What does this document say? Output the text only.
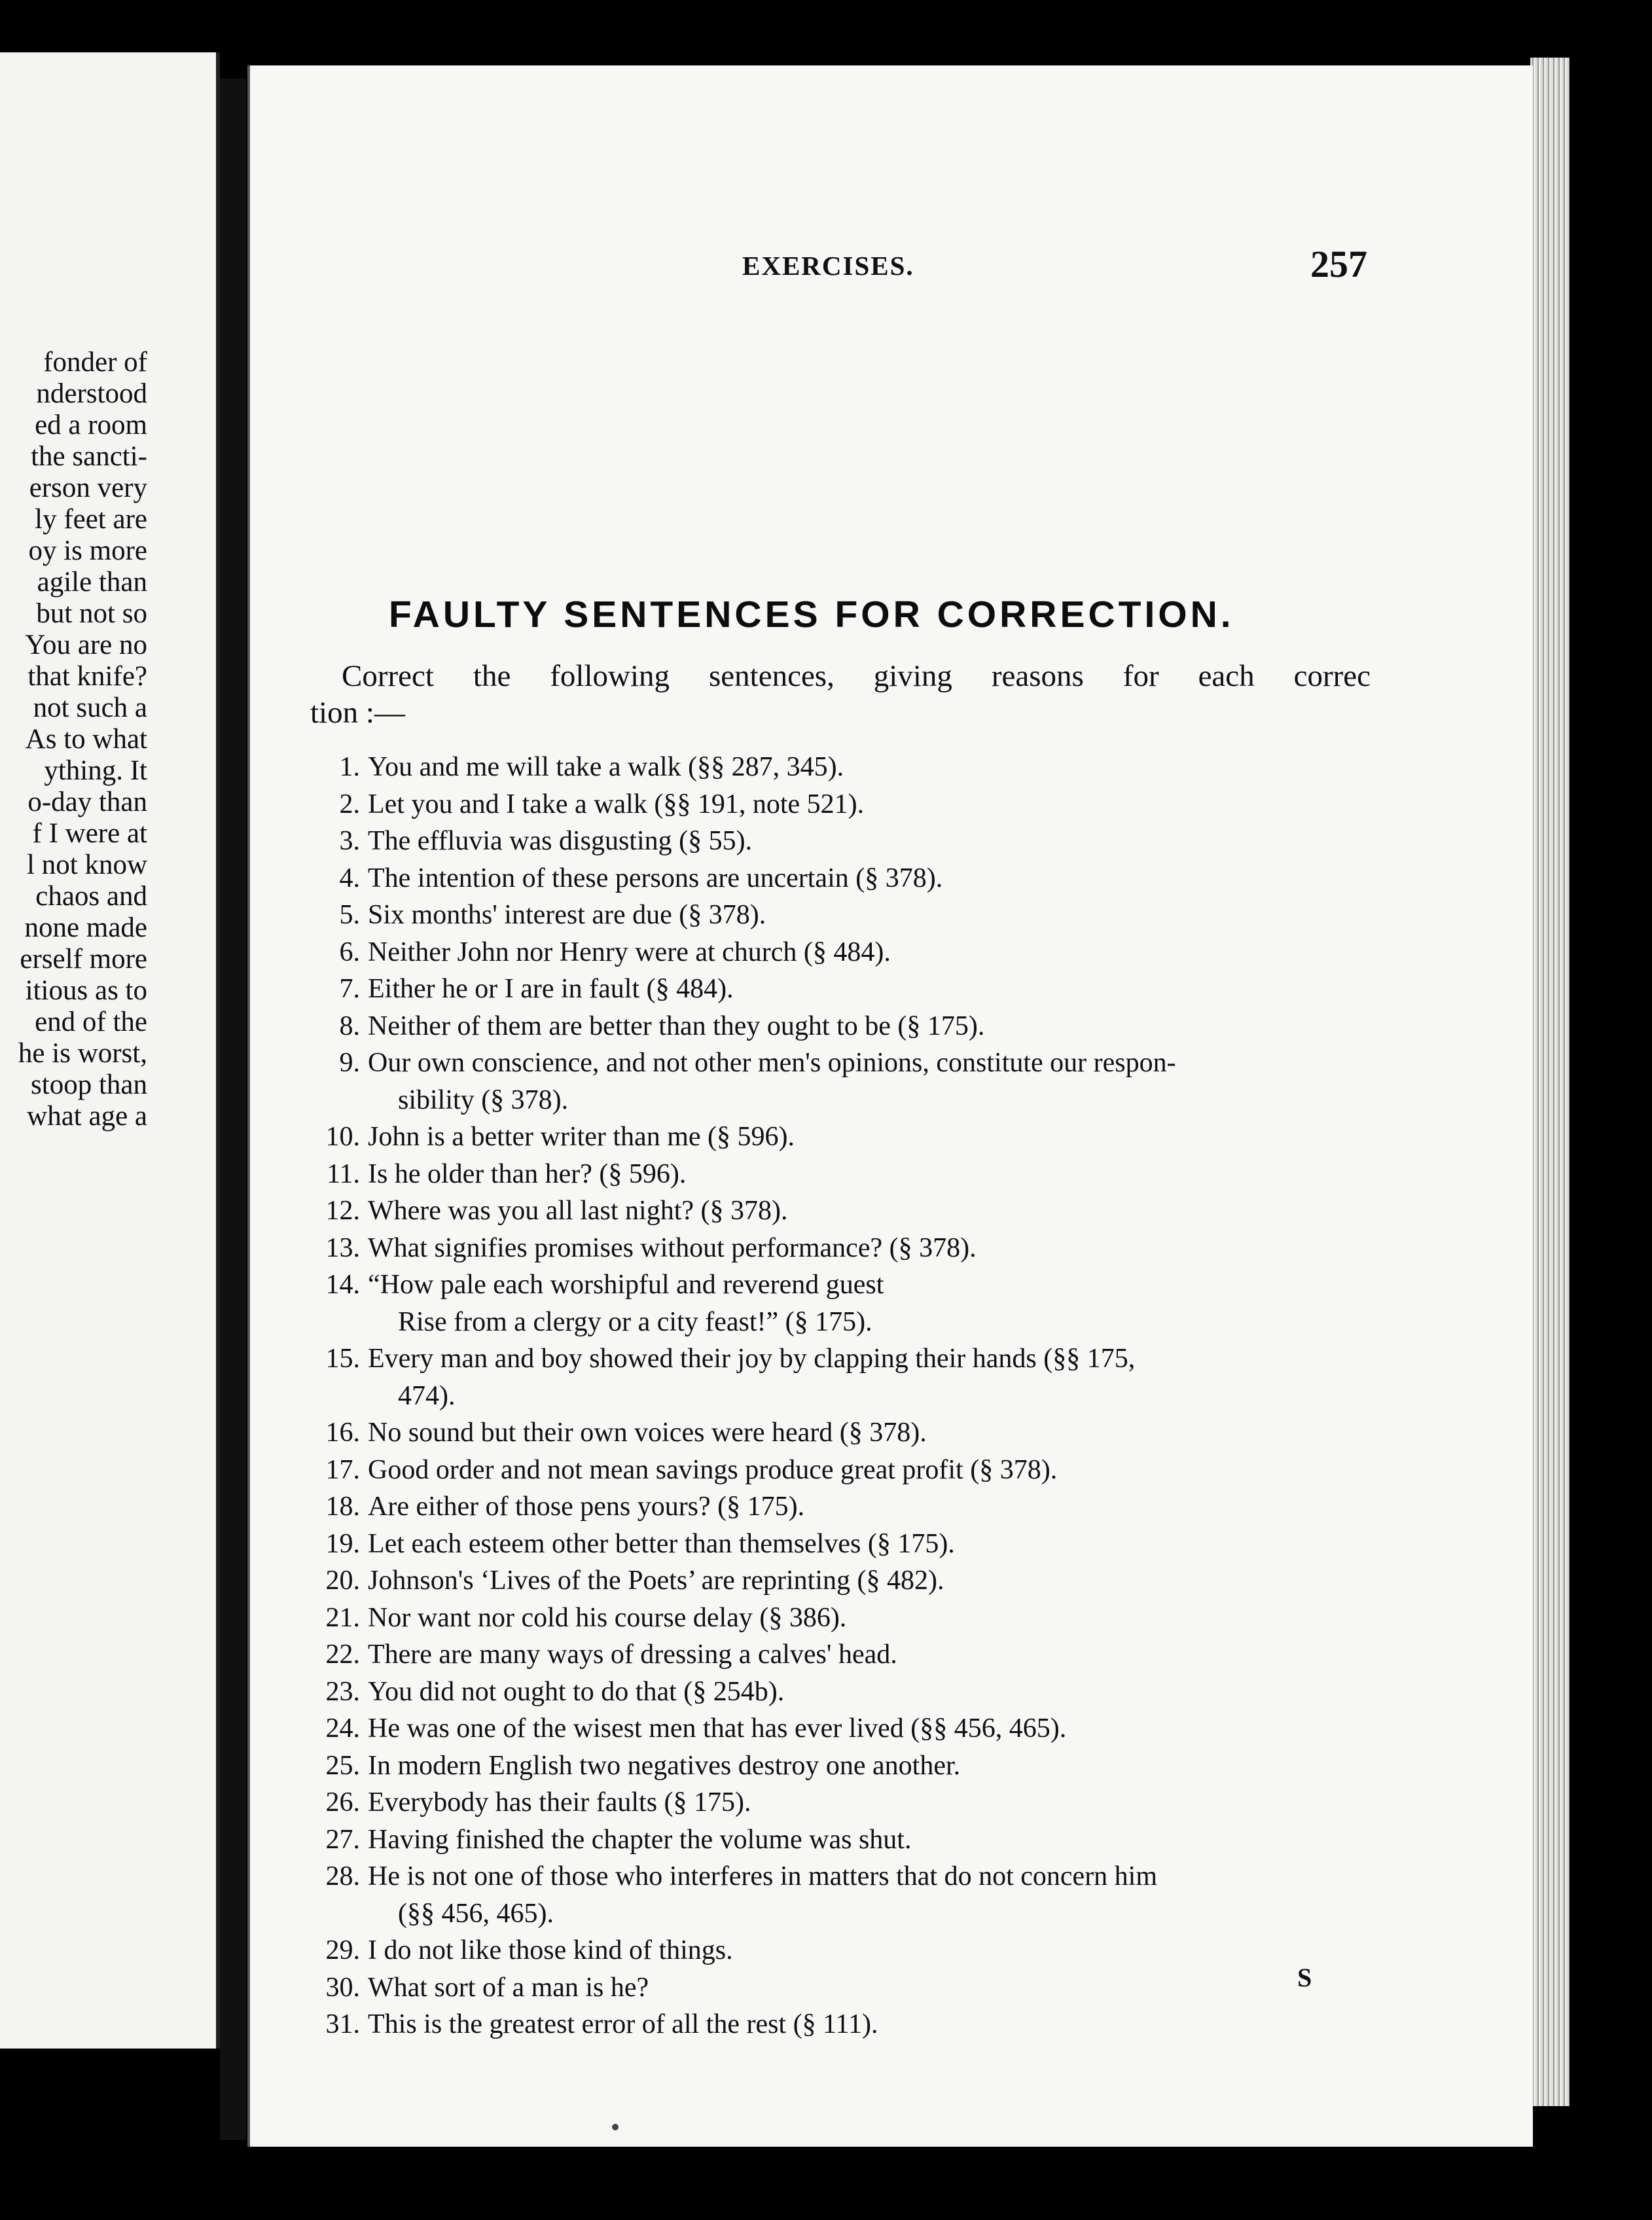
fonder of
nderstood
ed a room
the sancti-
erson very
ly feet are
oy is more
agile than
but not so
You are no
that knife?
not such a
As to what
ything. It
o-day than
f I were at
l not know
chaos and
none made
erself more
itious as to
end of the
he is worst,
stoop than
what age a
EXERCISES.	257
FAULTY SENTENCES FOR CORRECTION.
Correct the following sentences, giving reasons for each correc
tion :—
1 . You and me will take a walk (§§ 287, 345).
2 . Let you and I take a walk (§§ 191, note 521).
3 . The effluvia was disgusting (§ 55).
4 . The intention of these persons are uncertain (§ 378).
5 . Six months' interest are due (§ 378).
6 . Neither John nor Henry were at church (§ 484).
7 . Either he or I are in fault (§ 484).
8 . Neither of them are better than they ought to be (§ 175).
9 . Our own conscience, and not other men's opinions, constitute our respon-
sibility (§ 378).
10 . John is a better writer than me (§ 596).
11 . Is he older than her? (§ 596).
12 . Where was you all last night? (§ 378).
13 . What signifies promises without performance? (§ 378).
14 . “How pale each worshipful and reverend guest
Rise from a clergy or a city feast!” (§ 175).
15 . Every man and boy showed their joy by clapping their hands (§§ 175,
474).
16 . No sound but their own voices were heard (§ 378).
17 . Good order and not mean savings produce great profit (§ 378).
18 . Are either of those pens yours? (§ 175).
19 . Let each esteem other better than themselves (§ 175).
20 . Johnson's ‘Lives of the Poets’ are reprinting (§ 482).
21 . Nor want nor cold his course delay (§ 386).
22 . There are many ways of dressing a calves' head.
23 . You did not ought to do that (§ 254b).
24 . He was one of the wisest men that has ever lived (§§ 456, 465).
25 . In modern English two negatives destroy one another.
26 . Everybody has their faults (§ 175).
27 . Having finished the chapter the volume was shut.
28 . He is not one of those who interferes in matters that do not concern him
(§§ 456, 465).
29 . I do not like those kind of things.
30 . What sort of a man is he?
31 . This is the greatest error of all the rest (§ 111).
S
